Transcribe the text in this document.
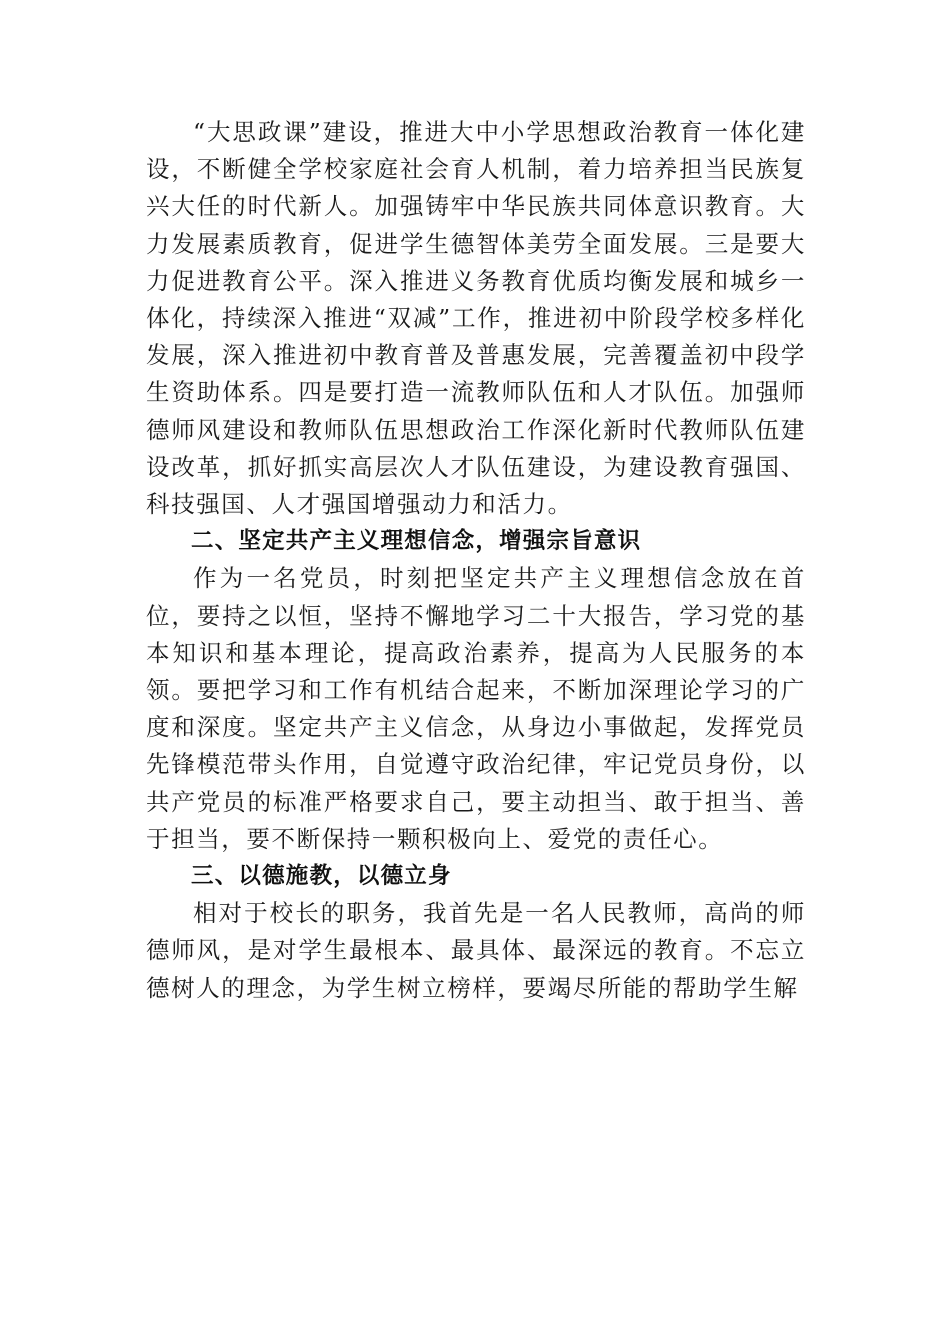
“大思政课”建设，推进大中小学思想政治教育一体化建设，不断健全学校家庭社会育人机制，着力培养担当民族复兴大任的时代新人。加强铸牢中华民族共同体意识教育。大力发展素质教育，促进学生德智体美劳全面发展。三是要大力促进教育公平。深入推进义务教育优质均衡发展和城乡一体化，持续深入推进“双减”工作，推进初中阶段学校多样化发展，深入推进初中教育普及普惠发展，完善覆盖初中段学生资助体系。四是要打造一流教师队伍和人才队伍。加强师德师风建设和教师队伍思想政治工作深化新时代教师队伍建设改革，抓好抓实高层次人才队伍建设，为建设教育强国、科技强国、人才强国增强动力和活力。

二、坚定共产主义理想信念，增强宗旨意识

作为一名党员，时刻把坚定共产主义理想信念放在首位，要持之以恒，坚持不懈地学习二十大报告，学习党的基本知识和基本理论，提高政治素养，提高为人民服务的本领。要把学习和工作有机结合起来，不断加深理论学习的广度和深度。坚定共产主义信念，从身边小事做起，发挥党员先锋模范带头作用，自觉遵守政治纪律，牢记党员身份，以共产党员的标准严格要求自己，要主动担当、敢于担当、善于担当，要不断保持一颗积极向上、爱党的责任心。

三、以德施教，以德立身

相对于校长的职务，我首先是一名人民教师，高尚的师德师风，是对学生最根本、最具体、最深远的教育。不忘立德树人的理念，为学生树立榜样，要竭尽所能的帮助学生解
